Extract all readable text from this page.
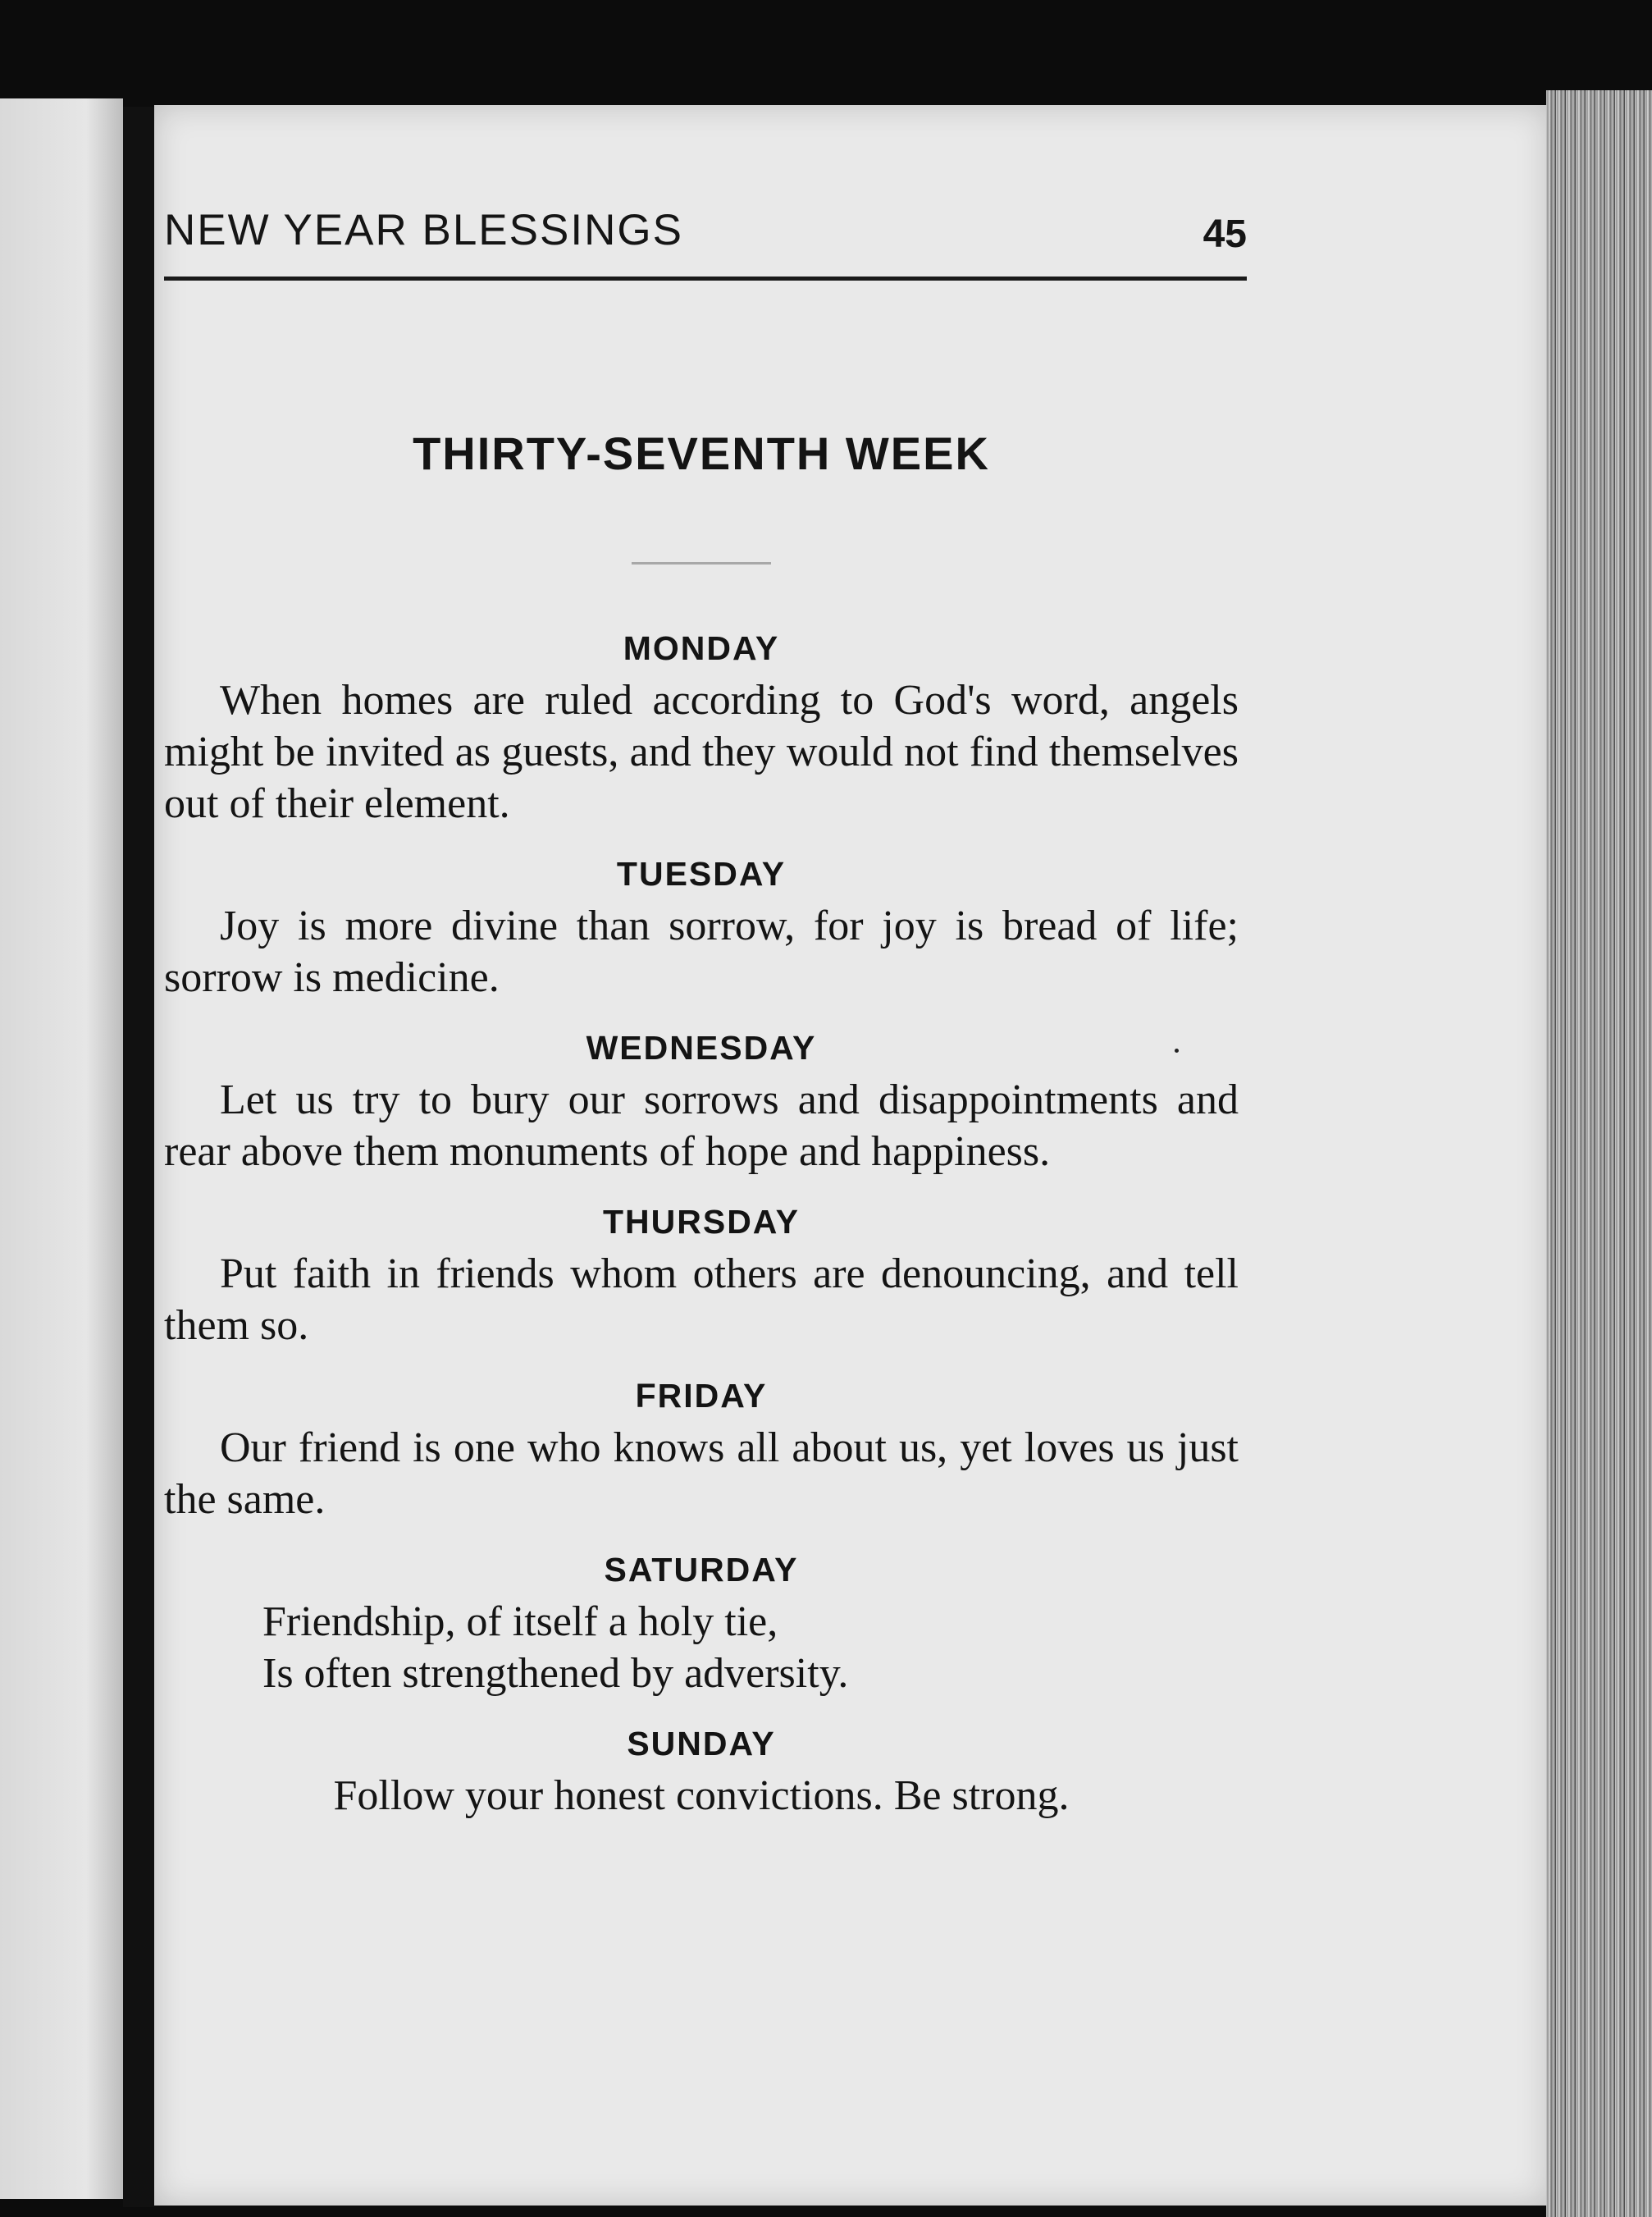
NEW YEAR BLESSINGS	45
THIRTY-SEVENTH WEEK
MONDAY

When homes are ruled according to God's word, angels might be invited as guests, and they would not find themselves out of their element.

TUESDAY

Joy is more divine than sorrow, for joy is bread of life; sorrow is medicine.

WEDNESDAY

Let us try to bury our sorrows and disappointments and rear above them monuments of hope and happiness.

THURSDAY

Put faith in friends whom others are denouncing, and tell them so.

FRIDAY

Our friend is one who knows all about us, yet loves us just the same.

SATURDAY
Friendship, of itself a holy tie,
Is often strengthened by adversity.
SUNDAY

Follow your honest convictions. Be strong.
